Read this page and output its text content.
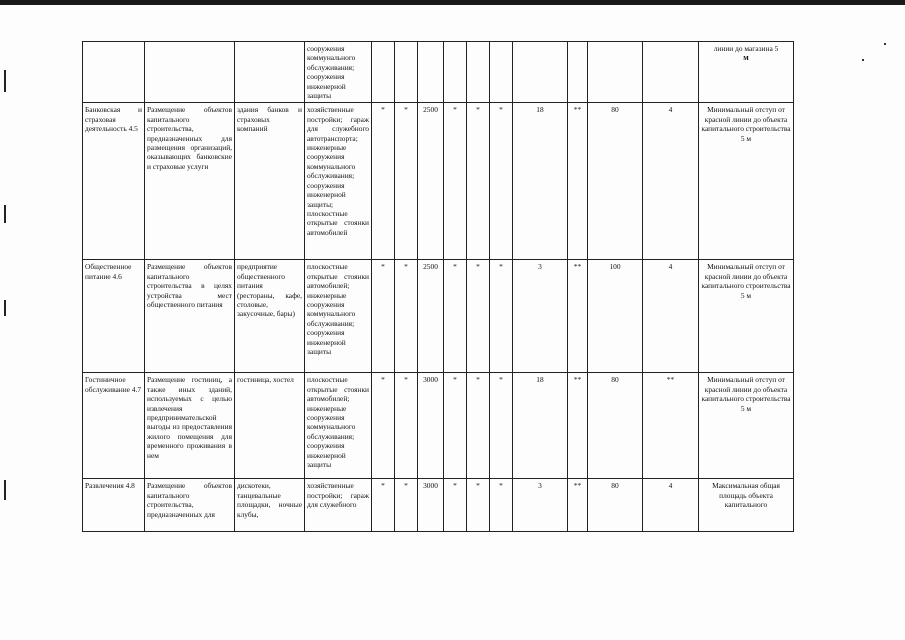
			сооружения коммунального обслуживания; сооружения инженерной защиты											линии до магазина 5
м
Банковская и страховая деятельность 4.5	Размещение объектов капитального строительства, предназначенных для размещения организаций, оказывающих банковские и страховые услуги	здания банков и страховых компаний	хозяйственные постройки; гараж для служебного автотранспорта; инженерные сооружения коммунального обслуживания; сооружения инженерной защиты; плоскостные открытые стоянки автомобилей	*	*	2500	*	*	*	18	**	80	4	Минимальный отступ от красной линии до объекта капитального строительства 5 м
Общественное питание 4.6	Размещение объектов капитального строительства в целях устройства мест общественного питания	предприятие общественного питания (рестораны, кафе, столовые, закусочные, бары)	плоскостные открытые стоянки автомобилей; инженерные сооружения коммунального обслуживания; сооружения инженерной защиты	*	*	2500	*	*	*	3	**	100	4	Минимальный отступ от красной линии до объекта капитального строительства 5 м
Гостиничное обслуживание 4.7	Размещение гостиниц, а также иных зданий, используемых с целью извлечения предпринимательской выгоды из предоставления жилого помещения для временного проживания в нем	гостиница, хостел	плоскостные открытые стоянки автомобилей; инженерные сооружения коммунального обслуживания; сооружения инженерной защиты	*	*	3000	*	*	*	18	**	80	**	Минимальный отступ от красной линии до объекта капитального строительства 5 м
Развлечения 4.8	Размещение объектов капитального строительства, предназначенных для	дискотеки, танцевальные площадки, ночные клубы,	хозяйственные постройки; гараж для служебного	*	*	3000	*	*	*	3	**	80	4	Максимальная общая площадь объекта капитального
